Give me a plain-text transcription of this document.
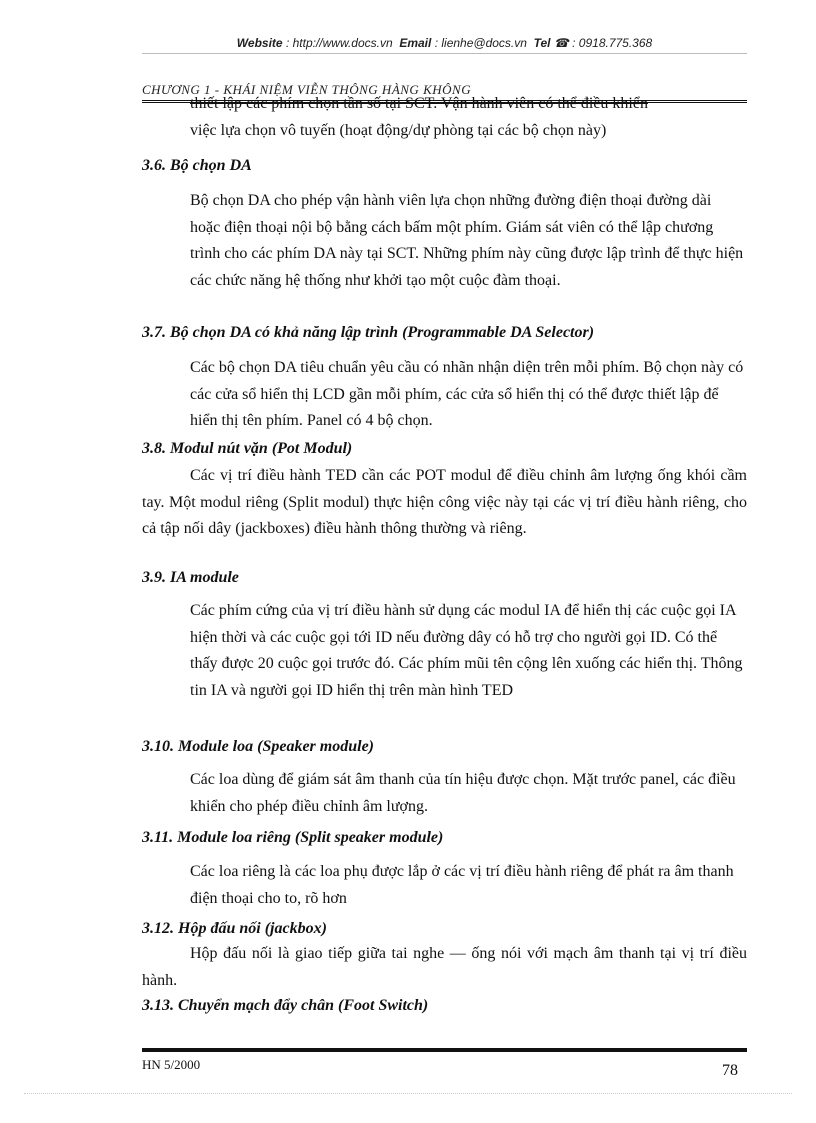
Website : http://www.docs.vn Email : lienhe@docs.vn Tel ☎ : 0918.775.368
CHƯƠNG 1 - KHÁI NIỆM VIỄN THÔNG HÀNG KHÔNG
thiết lập các phím chọn tần số tại SCT. Vận hành viên có thể điều khiển
việc lựa chọn vô tuyến (hoạt động/dự phòng tại các bộ chọn này)
3.6. Bộ chọn DA
Bộ chọn DA cho phép vận hành viên lựa chọn những đường điện thoại đường dài hoặc điện thoại nội bộ bằng cách bấm một phím. Giám sát viên có thể lập chương trình cho các phím DA này tại SCT. Những phím này cũng được lập trình để thực hiện các chức năng hệ thống như khởi tạo một cuộc đàm thoại.
3.7. Bộ chọn DA có khả năng lập trình (Programmable DA Selector)
Các bộ chọn DA tiêu chuẩn yêu cầu có nhãn nhận diện trên mỗi phím. Bộ chọn này có các cửa sổ hiển thị LCD gần mỗi phím, các cửa sổ hiển thị có thể được thiết lập để hiển thị tên phím. Panel có 4 bộ chọn.
3.8. Modul nút vặn (Pot Modul)
Các vị trí điều hành TED cần các POT modul để điều chỉnh âm lượng ống khói cầm tay. Một modul riêng (Split modul) thực hiện công việc này tại các vị trí điều hành riêng, cho cả tập nối dây (jackboxes) điều hành thông thường và riêng.
3.9. IA module
Các phím cứng của vị trí điều hành sử dụng các modul IA để hiển thị các cuộc gọi IA hiện thời và các cuộc gọi tới ID nếu đường dây có hỗ trợ cho người gọi ID. Có thể thấy được 20 cuộc gọi trước đó. Các phím mũi tên cộng lên xuống các hiển thị. Thông tin IA và người gọi ID hiển thị trên màn hình TED
3.10. Module loa (Speaker module)
Các loa dùng để giám sát âm thanh của tín hiệu được chọn. Mặt trước panel, các điều khiển cho phép điều chỉnh âm lượng.
3.11. Module loa riêng (Split speaker module)
Các loa riêng là các loa phụ được lắp ở các vị trí điều hành riêng để phát ra âm thanh điện thoại cho to, rõ hơn
3.12. Hộp đấu nối (jackbox)
Hộp đấu nối là giao tiếp giữa tai nghe — ống nói với mạch âm thanh tại vị trí điều hành.
3.13. Chuyển mạch đẩy chân (Foot Switch)
HN 5/2000	78
